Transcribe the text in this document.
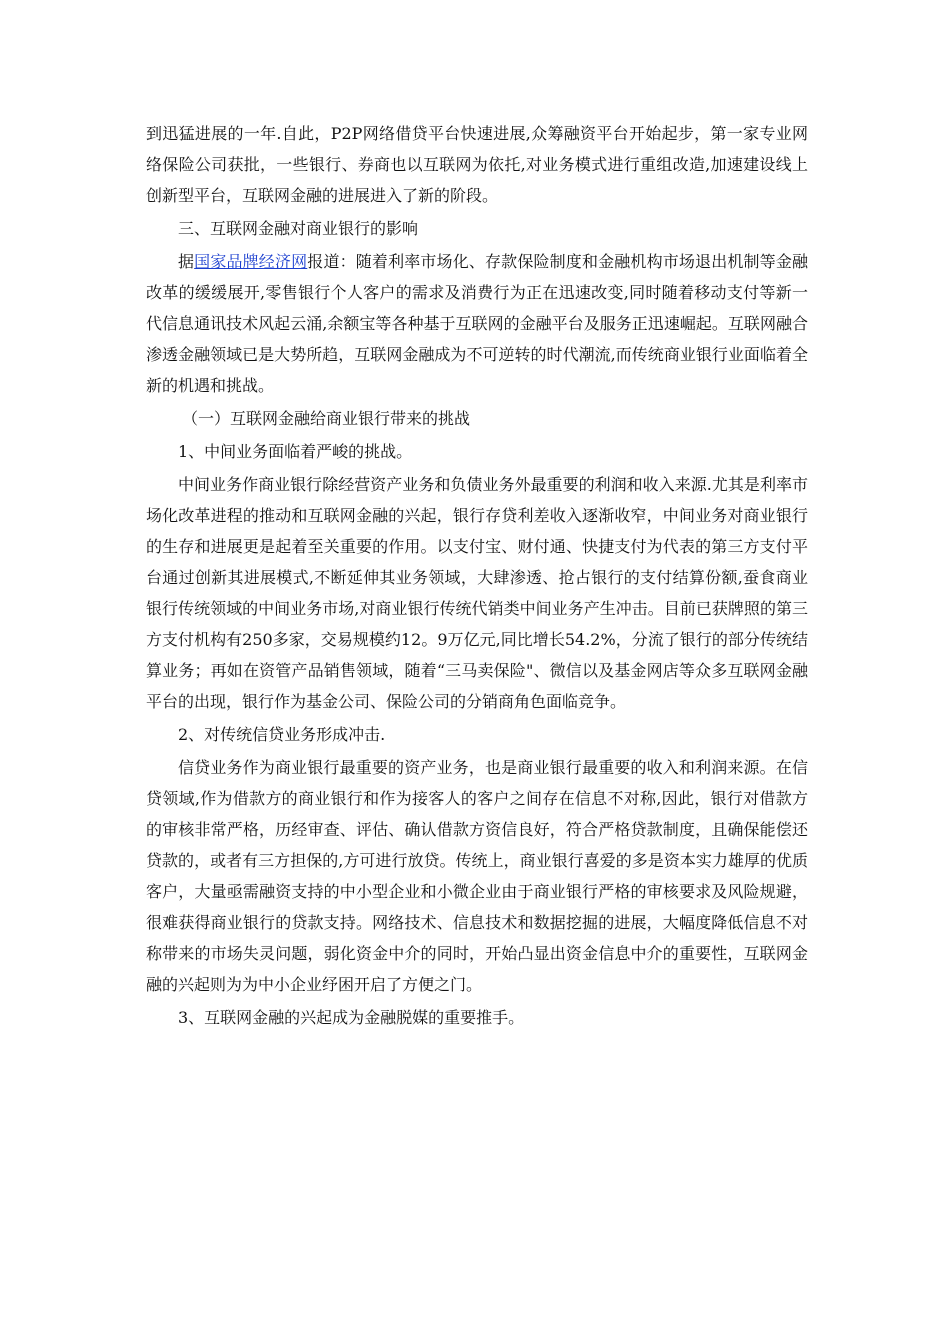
到迅猛进展的一年.自此，P2P网络借贷平台快速进展,众筹融资平台开始起步，第一家专业网络保险公司获批，一些银行、券商也以互联网为依托,对业务模式进行重组改造,加速建设线上创新型平台，互联网金融的进展进入了新的阶段。

三、互联网金融对商业银行的影响

据国家品牌经济网报道：随着利率市场化、存款保险制度和金融机构市场退出机制等金融改革的缓缓展开,零售银行个人客户的需求及消费行为正在迅速改变,同时随着移动支付等新一代信息通讯技术风起云涌,余额宝等各种基于互联网的金融平台及服务正迅速崛起。互联网融合渗透金融领域已是大势所趋，互联网金融成为不可逆转的时代潮流,而传统商业银行业面临着全新的机遇和挑战。

（一）互联网金融给商业银行带来的挑战

1、中间业务面临着严峻的挑战。

中间业务作商业银行除经营资产业务和负债业务外最重要的利润和收入来源.尤其是利率市场化改革进程的推动和互联网金融的兴起，银行存贷利差收入逐渐收窄，中间业务对商业银行的生存和进展更是起着至关重要的作用。以支付宝、财付通、快捷支付为代表的第三方支付平台通过创新其进展模式,不断延伸其业务领域，大肆渗透、抢占银行的支付结算份额,蚕食商业银行传统领域的中间业务市场,对商业银行传统代销类中间业务产生冲击。目前已获牌照的第三方支付机构有250多家，交易规模约12。9万亿元,同比增长54.2%，分流了银行的部分传统结算业务；再如在资管产品销售领域，随着“三马卖保险"、微信以及基金网店等众多互联网金融平台的出现，银行作为基金公司、保险公司的分销商角色面临竞争。

2、对传统信贷业务形成冲击.

信贷业务作为商业银行最重要的资产业务，也是商业银行最重要的收入和利润来源。在信贷领域,作为借款方的商业银行和作为接客人的客户之间存在信息不对称,因此，银行对借款方的审核非常严格，历经审查、评估、确认借款方资信良好，符合严格贷款制度，且确保能偿还贷款的，或者有三方担保的,方可进行放贷。传统上，商业银行喜爱的多是资本实力雄厚的优质客户，大量亟需融资支持的中小型企业和小微企业由于商业银行严格的审核要求及风险规避，很难获得商业银行的贷款支持。网络技术、信息技术和数据挖掘的进展，大幅度降低信息不对称带来的市场失灵问题，弱化资金中介的同时，开始凸显出资金信息中介的重要性，互联网金融的兴起则为为中小企业纾困开启了方便之门。

3、互联网金融的兴起成为金融脱媒的重要推手。
